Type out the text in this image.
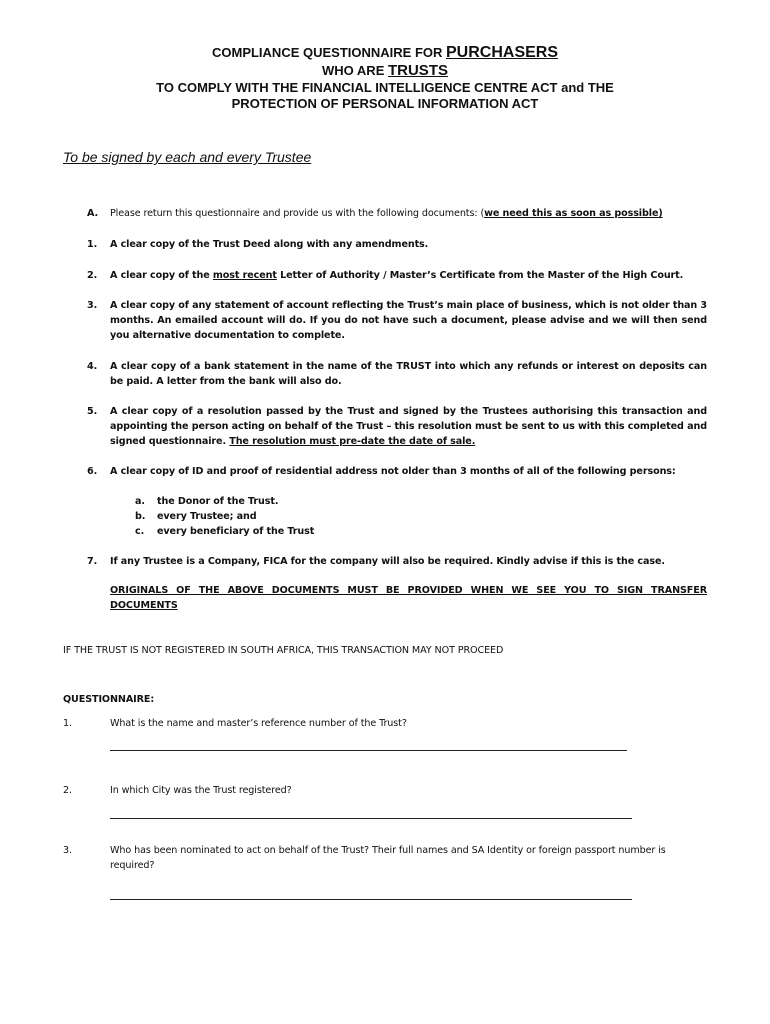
COMPLIANCE QUESTIONNAIRE FOR PURCHASERS
WHO ARE TRUSTS
TO COMPLY WITH THE FINANCIAL INTELLIGENCE CENTRE ACT and THE
PROTECTION OF PERSONAL INFORMATION ACT
To be signed by each and every Trustee
A.	Please return this questionnaire and provide us with the following documents: (we need this as soon as possible)
1.	A clear copy of the Trust Deed along with any amendments.
2.	A clear copy of the most recent Letter of Authority / Master’s Certificate from the Master of the High Court.
3.	A clear copy of any statement of account reflecting the Trust’s main place of business, which is not older than 3 months. An emailed account will do. If you do not have such a document, please advise and we will then send you alternative documentation to complete.
4.	A clear copy of a bank statement in the name of the TRUST into which any refunds or interest on deposits can be paid. A letter from the bank will also do.
5.	A clear copy of a resolution passed by the Trust and signed by the Trustees authorising this transaction and appointing the person acting on behalf of the Trust – this resolution must be sent to us with this completed and signed questionnaire. The resolution must pre-date the date of sale.
6.	A clear copy of ID and proof of residential address not older than 3 months of all of the following persons:
a. the Donor of the Trust.
b. every Trustee; and
c. every beneficiary of the Trust
7.	If any Trustee is a Company, FICA for the company will also be required. Kindly advise if this is the case.
ORIGINALS OF THE ABOVE DOCUMENTS MUST BE PROVIDED WHEN WE SEE YOU TO SIGN TRANSFER DOCUMENTS
IF THE TRUST IS NOT REGISTERED IN SOUTH AFRICA, THIS TRANSACTION MAY NOT PROCEED
QUESTIONNAIRE:
1.	What is the name and master’s reference number of the Trust?
2.	In which City was the Trust registered?
3.	Who has been nominated to act on behalf of the Trust? Their full names and SA Identity or foreign passport number is required?
